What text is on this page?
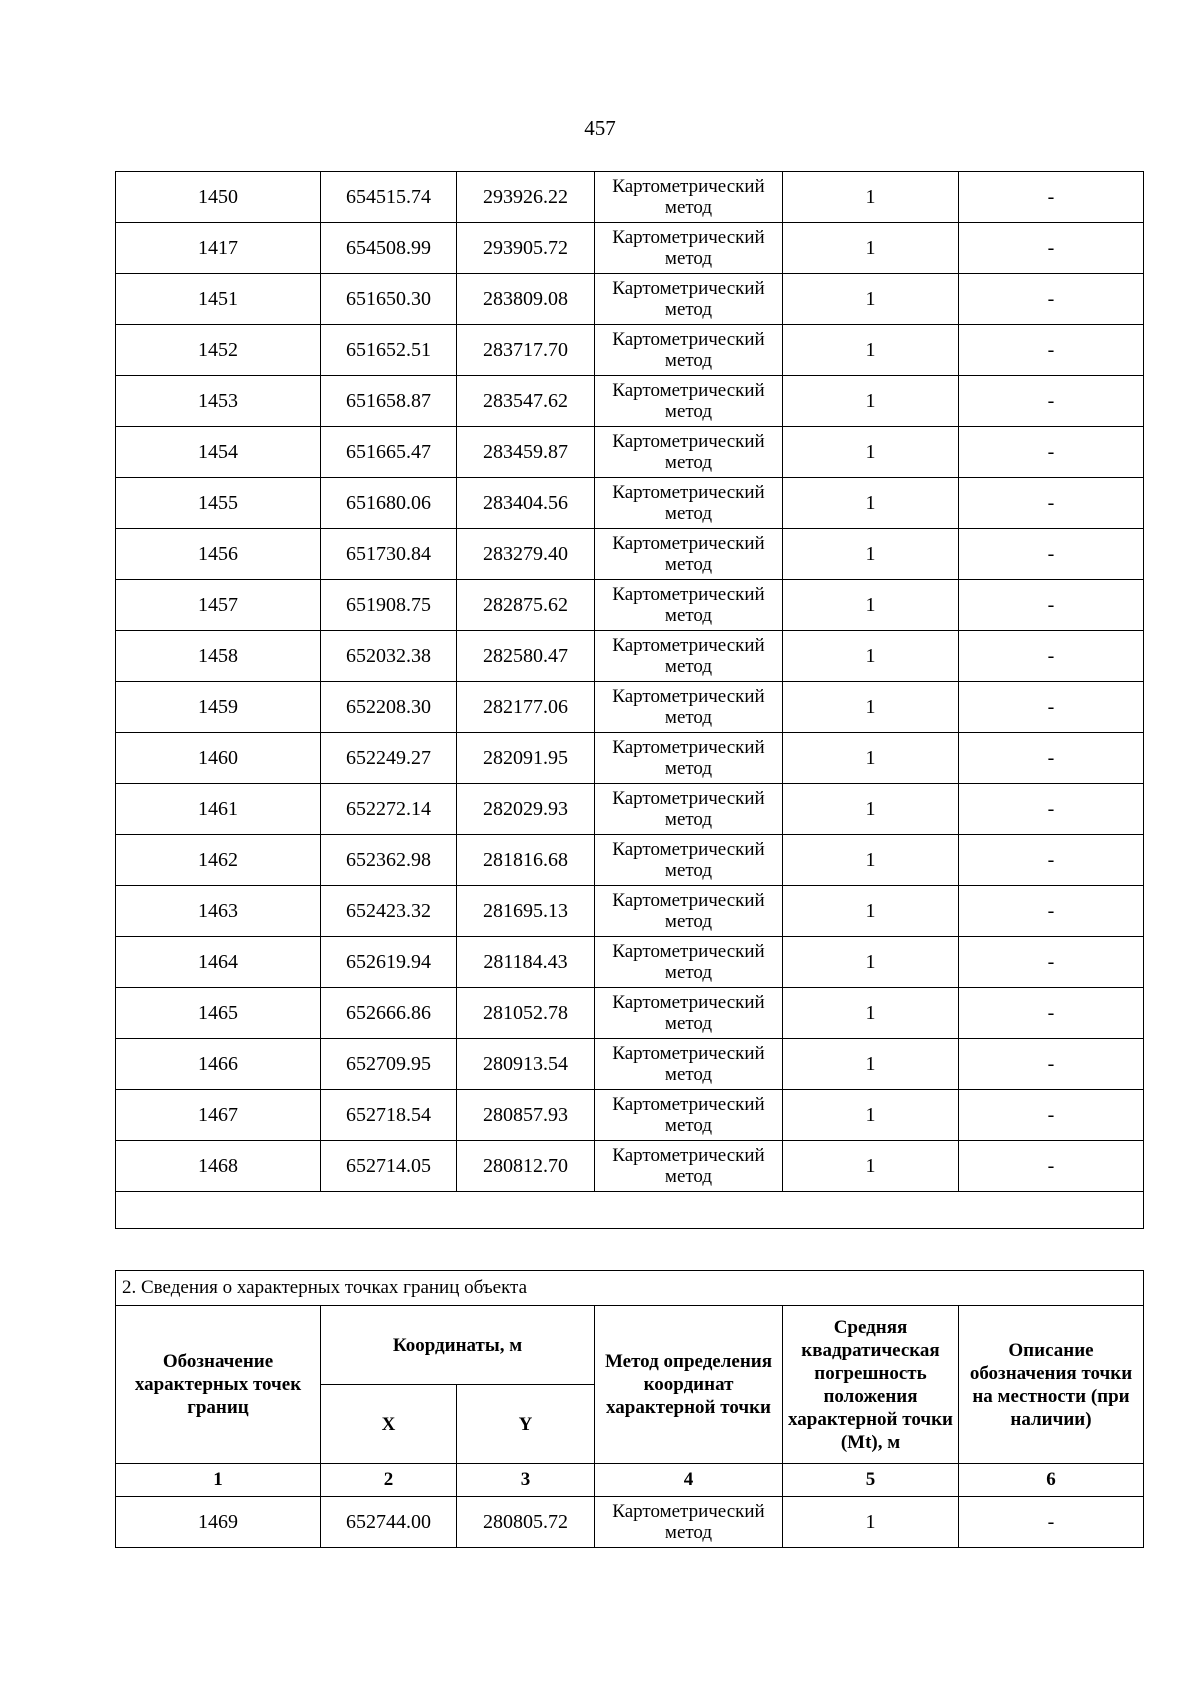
457
1450	654515.74	293926.22	Картометрический метод	1	-
1417	654508.99	293905.72	Картометрический метод	1	-
1451	651650.30	283809.08	Картометрический метод	1	-
1452	651652.51	283717.70	Картометрический метод	1	-
1453	651658.87	283547.62	Картометрический метод	1	-
1454	651665.47	283459.87	Картометрический метод	1	-
1455	651680.06	283404.56	Картометрический метод	1	-
1456	651730.84	283279.40	Картометрический метод	1	-
1457	651908.75	282875.62	Картометрический метод	1	-
1458	652032.38	282580.47	Картометрический метод	1	-
1459	652208.30	282177.06	Картометрический метод	1	-
1460	652249.27	282091.95	Картометрический метод	1	-
1461	652272.14	282029.93	Картометрический метод	1	-
1462	652362.98	281816.68	Картометрический метод	1	-
1463	652423.32	281695.13	Картометрический метод	1	-
1464	652619.94	281184.43	Картометрический метод	1	-
1465	652666.86	281052.78	Картометрический метод	1	-
1466	652709.95	280913.54	Картометрический метод	1	-
1467	652718.54	280857.93	Картометрический метод	1	-
1468	652714.05	280812.70	Картометрический метод	1	-

2. Сведения о характерных точках границ объекта					
Обозначение характерных точек границ	Координаты, м		Метод определения координат характерной точки	Средняя квадратическая погрешность положения характерной точки (Mt), м	Описание обозначения точки на местности (при наличии)
	X	Y			
1	2	3	4	5	6
1469	652744.00	280805.72	Картометрический метод	1	-
